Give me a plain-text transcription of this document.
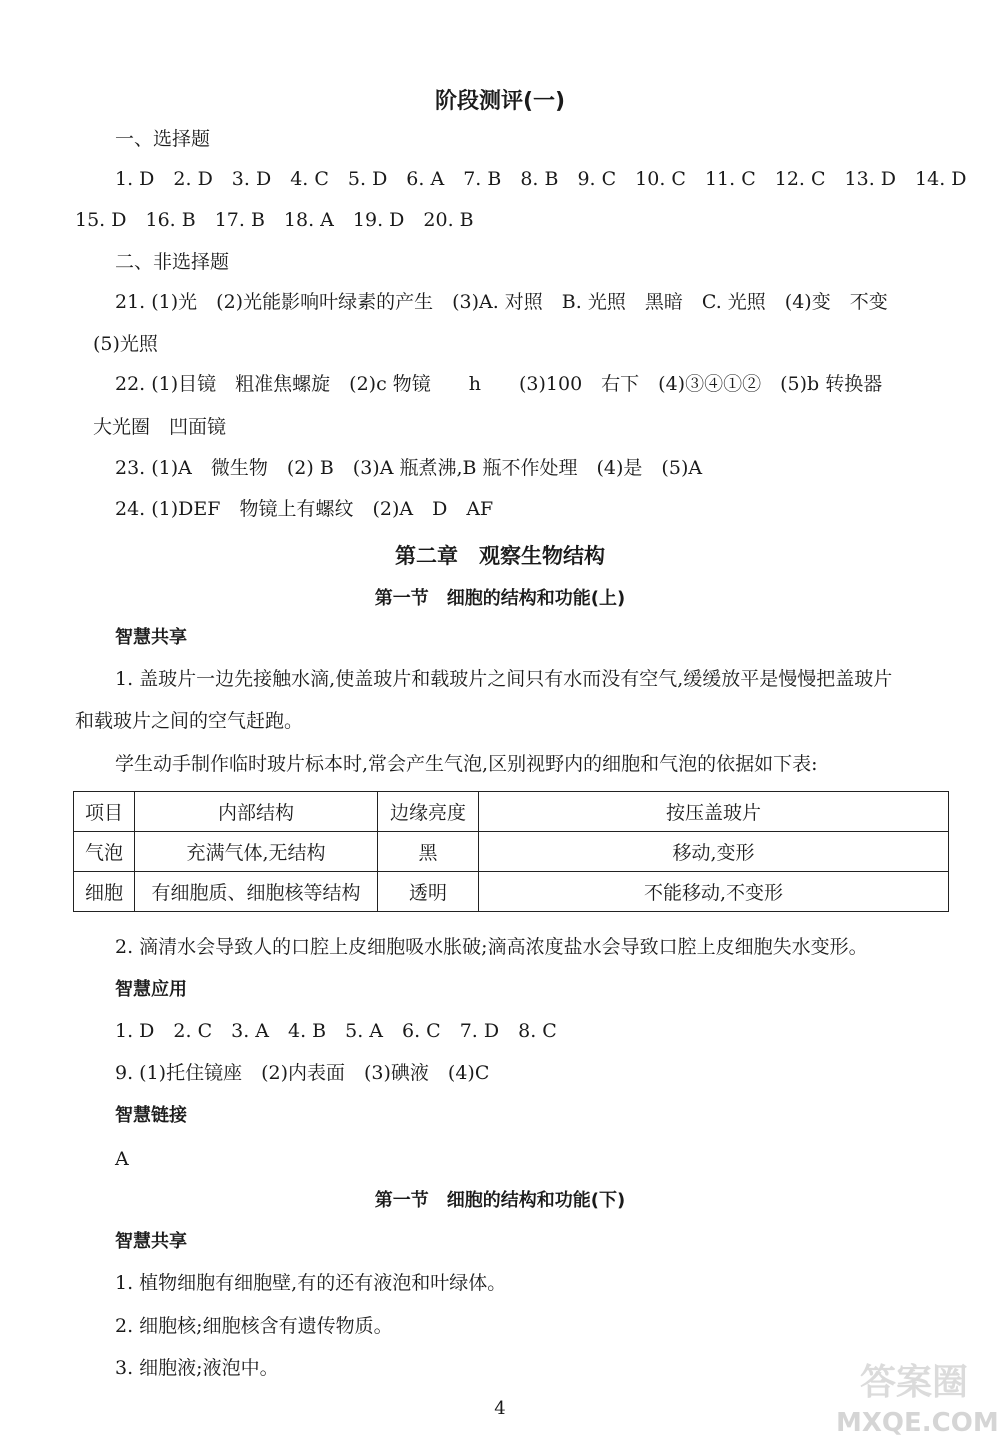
阶段测评(一)
一、选择题
1. D　2. D　3. D　4. C　5. D　6. A　7. B　8. B　9. C　10. C　11. C　12. C　13. D　14. D
15. D　16. B　17. B　18. A　19. D　20. B
二、非选择题
21. (1)光　(2)光能影响叶绿素的产生　(3)A. 对照　B. 光照　黑暗　C. 光照　(4)变　不变
(5)光照
22. (1)目镜　粗准焦螺旋　(2)c 物镜　　h　　(3)100　右下　(4)③④①②　(5)b 转换器
大光圈　凹面镜
23. (1)A　微生物　(2) B　(3)A 瓶煮沸,B 瓶不作处理　(4)是　(5)A
24. (1)DEF　物镜上有螺纹　(2)A　D　AF
第二章　观察生物结构
第一节　细胞的结构和功能(上)
智慧共享
1. 盖玻片一边先接触水滴,使盖玻片和载玻片之间只有水而没有空气,缓缓放平是慢慢把盖玻片
和载玻片之间的空气赶跑。
学生动手制作临时玻片标本时,常会产生气泡,区别视野内的细胞和气泡的依据如下表:
项目	内部结构	边缘亮度	按压盖玻片
气泡	充满气体,无结构	黑	移动,变形
细胞	有细胞质、细胞核等结构	透明	不能移动,不变形
2. 滴清水会导致人的口腔上皮细胞吸水胀破;滴高浓度盐水会导致口腔上皮细胞失水变形。
智慧应用
1. D　2. C　3. A　4. B　5. A　6. C　7. D　8. C
9. (1)托住镜座　(2)内表面　(3)碘液　(4)C
智慧链接
A
第一节　细胞的结构和功能(下)
智慧共享
1. 植物细胞有细胞壁,有的还有液泡和叶绿体。
2. 细胞核;细胞核含有遗传物质。
3. 细胞液;液泡中。
4
答案圈
MXQE.COM
